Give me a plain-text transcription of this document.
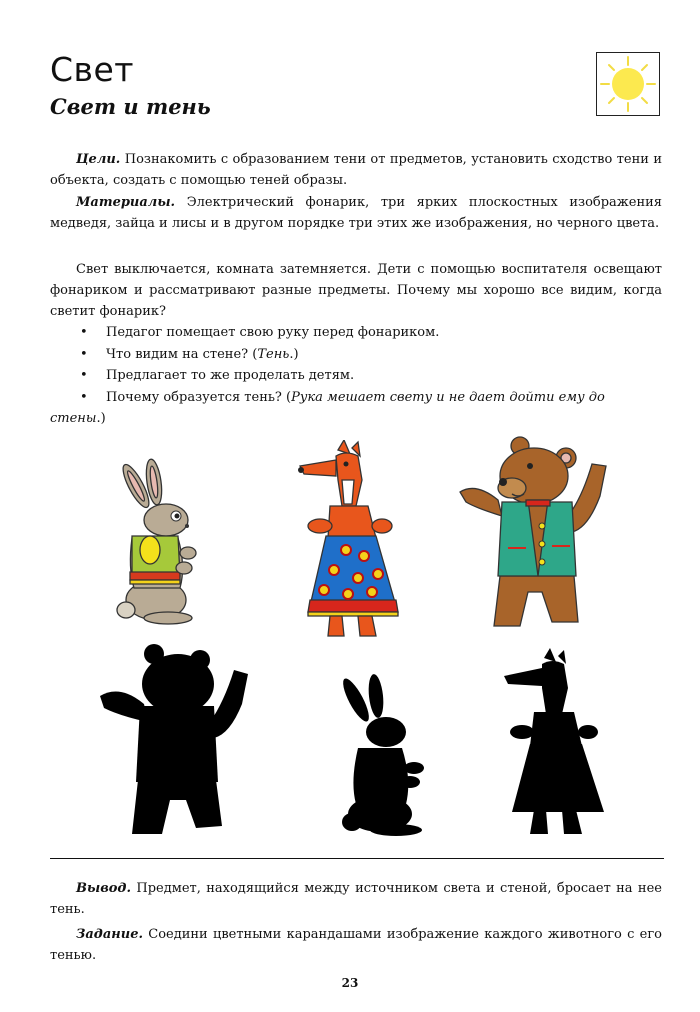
Свет
Свет и тень

Цели. Познакомить с образованием тени от предметов, установить сходство тени и объекта, создать с помощью теней образы.

Материалы. Электрический фонарик, три ярких плоскостных изображения медведя, зайца и лисы и в другом порядке три этих же изображения, но черного цвета.

Свет выключается, комната затемняется. Дети с помощью воспитателя освещают фонариком и рассматривают разные предметы. Почему мы хорошо все видим, когда светит фонарик?

• Педагог помещает свою руку перед фонариком.
• Что видим на стене? (Тень.)
• Предлагает то же проделать детям.
• Почему образуется тень? (Рука мешает свету и не дает дойти ему до стены.)

Вывод. Предмет, находящийся между источником света и стеной, бросает на нее тень.

Задание. Соедини цветными карандашами изображение каждого животного с его тенью.

23
